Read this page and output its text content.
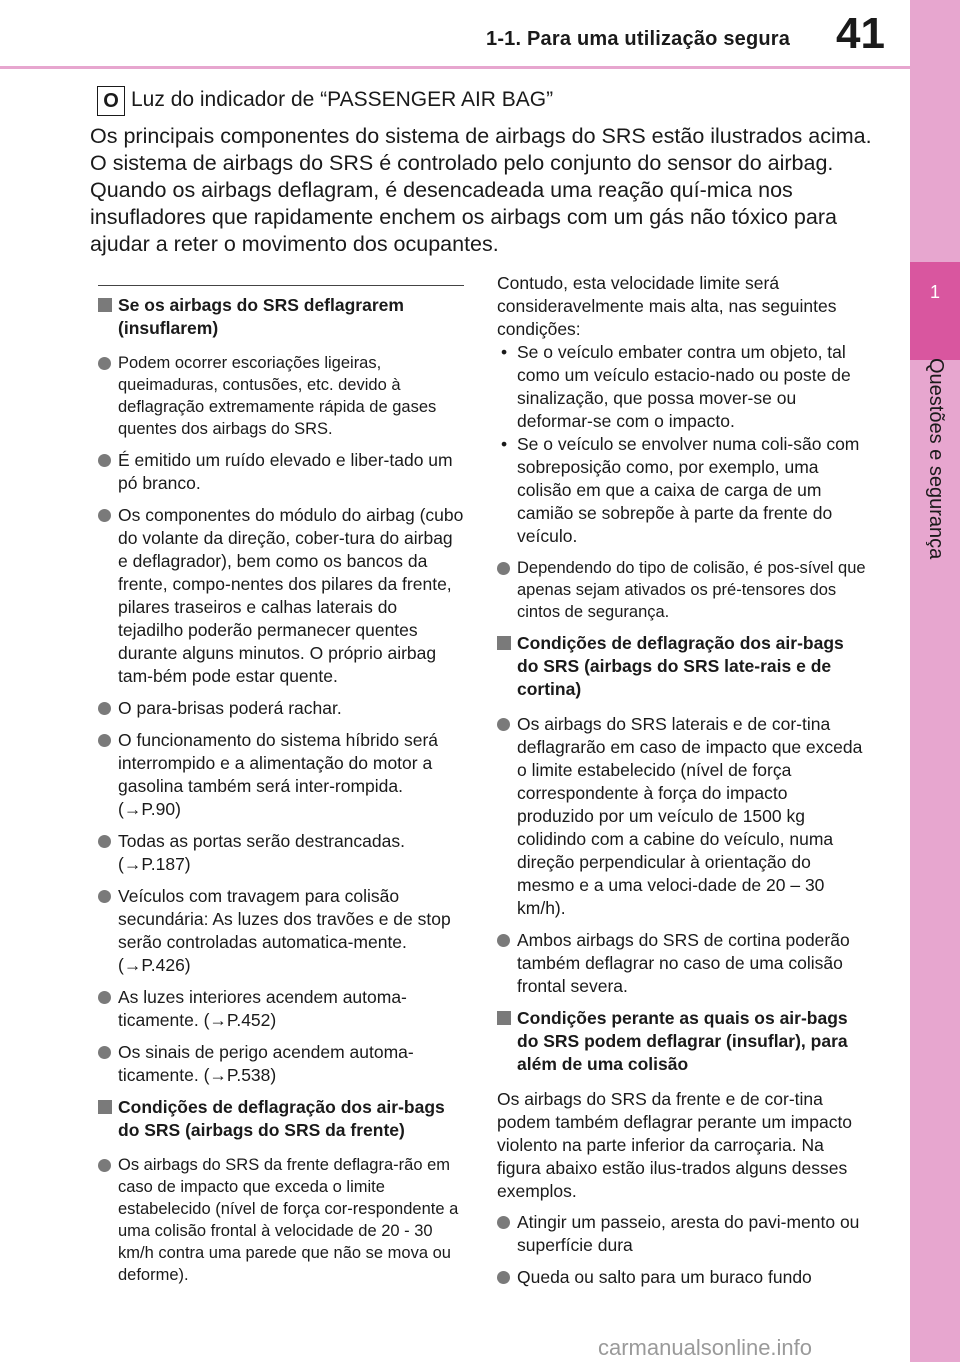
1-1. Para uma utilização segura 41
1
Questões e segurança
O Luz do indicador de “PASSENGER AIR BAG”
Os principais componentes do sistema de airbags do SRS estão ilustrados acima. O sistema de airbags do SRS é controlado pelo conjunto do sensor do airbag. Quando os airbags deflagram, é desencadeada uma reação quí-mica nos insufladores que rapidamente enchem os airbags com um gás não tóxico para ajudar a reter o movimento dos ocupantes.
Se os airbags do SRS deflagrarem (insuflarem)
Podem ocorrer escoriações ligeiras, queimaduras, contusões, etc. devido à deflagração extremamente rápida de gases quentes dos airbags do SRS.
É emitido um ruído elevado e liber-tado um pó branco.
Os componentes do módulo do airbag (cubo do volante da direção, cober-tura do airbag e deflagrador), bem como os bancos da frente, compo-nentes dos pilares da frente, pilares traseiros e calhas laterais do tejadilho poderão permanecer quentes durante alguns minutos. O próprio airbag tam-bém pode estar quente.
O para-brisas poderá rachar.
O funcionamento do sistema híbrido será interrompido e a alimentação do motor a gasolina também será inter-rompida. (→P.90)
Todas as portas serão destrancadas. (→P.187)
Veículos com travagem para colisão secundária: As luzes dos travões e de stop serão controladas automatica-mente. (→P.426)
As luzes interiores acendem automa-ticamente. (→P.452)
Os sinais de perigo acendem automa-ticamente. (→P.538)
Condições de deflagração dos air-bags do SRS (airbags do SRS da frente)
Os airbags do SRS da frente deflagra-rão em caso de impacto que exceda o limite estabelecido (nível de força cor-respondente a uma colisão frontal à velocidade de 20 - 30 km/h contra uma parede que não se mova ou deforme).

Contudo, esta velocidade limite será consideravelmente mais alta, nas seguintes condições:

• Se o veículo embater contra um objeto, tal como um veículo estacio-nado ou poste de sinalização, que possa mover-se ou deformar-se com o impacto.
• Se o veículo se envolver numa coli-são com sobreposição como, por exemplo, uma colisão em que a caixa de carga de um camião se sobrepõe à parte da frente do veículo.
Dependendo do tipo de colisão, é pos-sível que apenas sejam ativados os pré-tensores dos cintos de segurança.
Condições de deflagração dos air-bags do SRS (airbags do SRS late-rais e de cortina)
Os airbags do SRS laterais e de cor-tina deflagrarão em caso de impacto que exceda o limite estabelecido (nível de força correspondente à força do impacto produzido por um veículo de 1500 kg colidindo com a cabine do veículo, numa direção perpendicular à orientação do mesmo e a uma veloci-dade de 20 – 30 km/h).
Ambos airbags do SRS de cortina poderão também deflagrar no caso de uma colisão frontal severa.
Condições perante as quais os air-bags do SRS podem deflagrar (insuflar), para além de uma colisão

Os airbags do SRS da frente e de cor-tina podem também deflagrar perante um impacto violento na parte inferior da carroçaria. Na figura abaixo estão ilus-trados alguns desses exemplos.

Atingir um passeio, aresta do pavi-mento ou superfície dura
Queda ou salto para um buraco fundo
carmanualsonline.info
